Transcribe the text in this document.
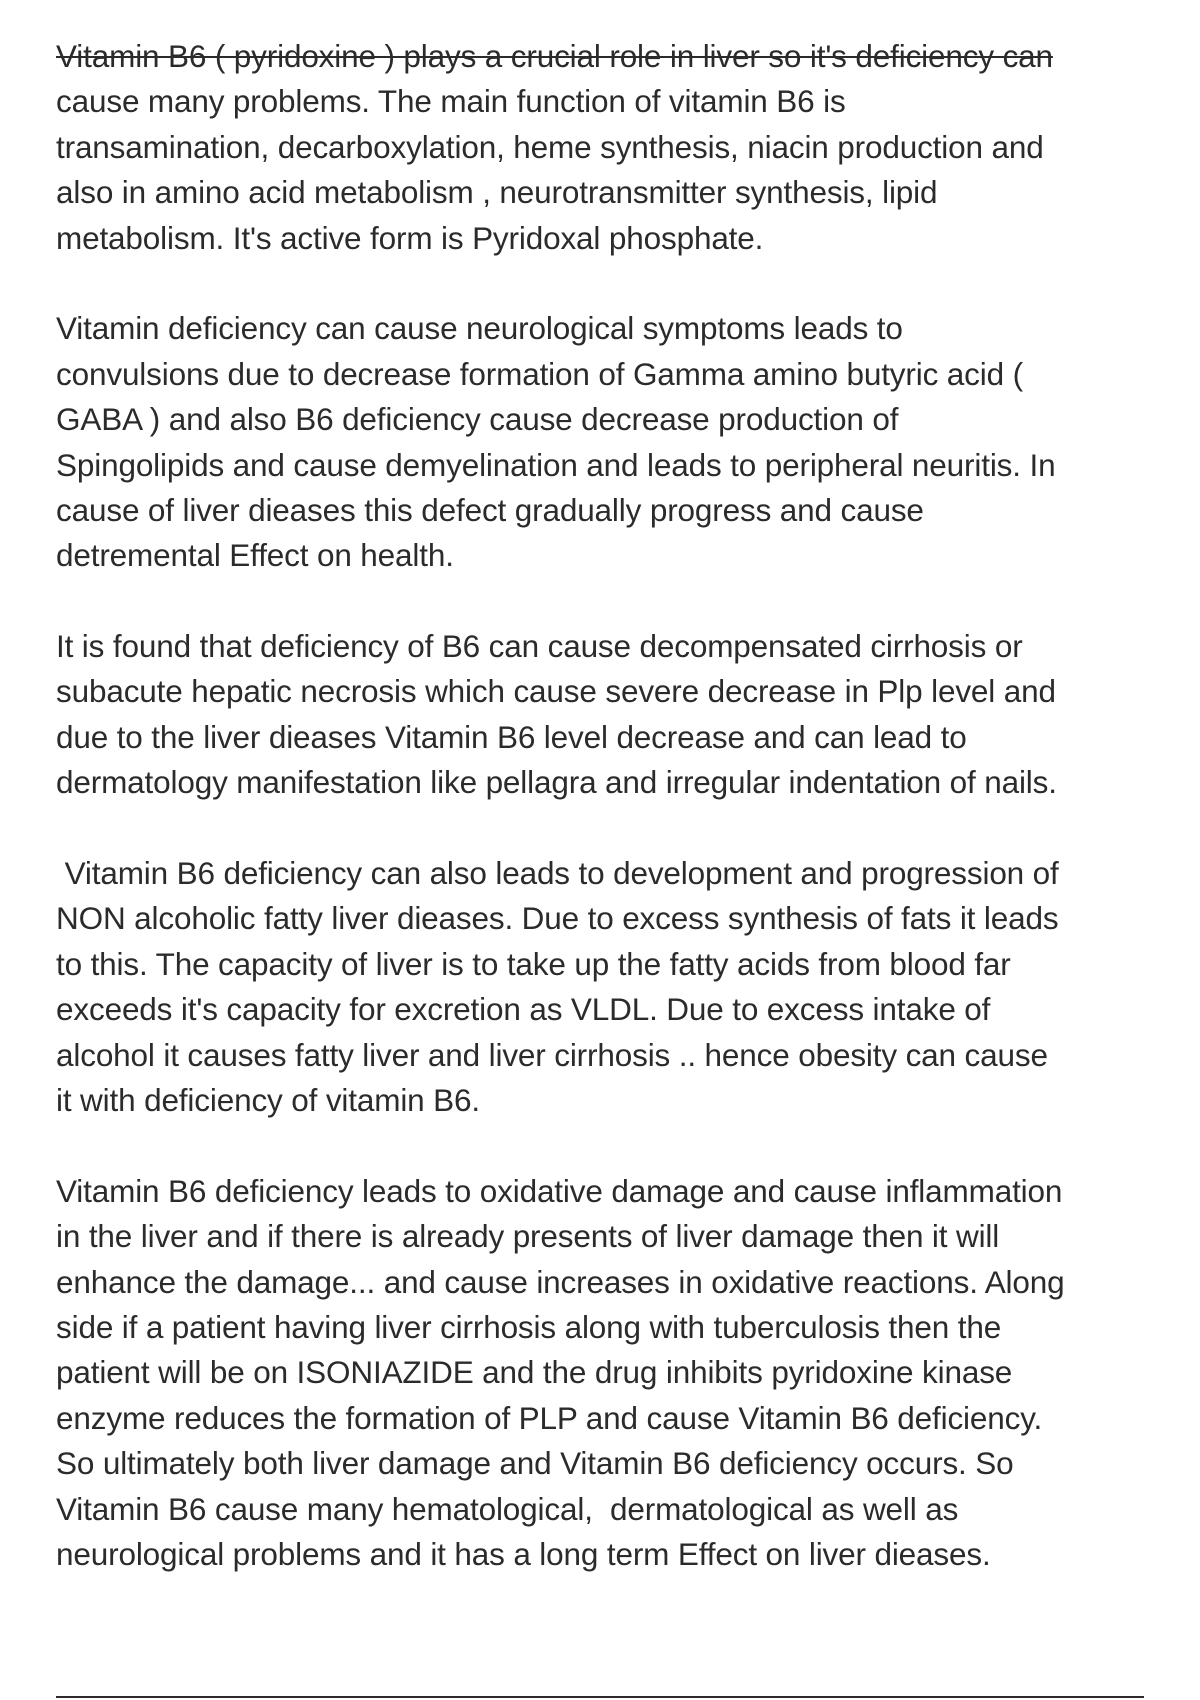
Vitamin B6 ( pyridoxine ) plays a crucial role in liver so it's deficiency can
cause many problems. The main function of vitamin B6 is
transamination, decarboxylation, heme synthesis, niacin production and
also in amino acid metabolism , neurotransmitter synthesis, lipid
metabolism. It's active form is Pyridoxal phosphate.
Vitamin deficiency can cause neurological symptoms leads to
convulsions due to decrease formation of Gamma amino butyric acid (
GABA ) and also B6 deficiency cause decrease production of
Spingolipids and cause demyelination and leads to peripheral neuritis. In
cause of liver dieases this defect gradually progress and cause
detremental Effect on health.
It is found that deficiency of B6 can cause decompensated cirrhosis or
subacute hepatic necrosis which cause severe decrease in Plp level and
due to the liver dieases Vitamin B6 level decrease and can lead to
dermatology manifestation like pellagra and irregular indentation of nails.
Vitamin B6 deficiency can also leads to development and progression of
NON alcoholic fatty liver dieases. Due to excess synthesis of fats it leads
to this. The capacity of liver is to take up the fatty acids from blood far
exceeds it's capacity for excretion as VLDL. Due to excess intake of
alcohol it causes fatty liver and liver cirrhosis .. hence obesity can cause
it with deficiency of vitamin B6.
Vitamin B6 deficiency leads to oxidative damage and cause inflammation
in the liver and if there is already presents of liver damage then it will
enhance the damage... and cause increases in oxidative reactions. Along
side if a patient having liver cirrhosis along with tuberculosis then the
patient will be on ISONIAZIDE and the drug inhibits pyridoxine kinase
enzyme reduces the formation of PLP and cause Vitamin B6 deficiency.
So ultimately both liver damage and Vitamin B6 deficiency occurs. So
Vitamin B6 cause many hematological,  dermatological as well as
neurological problems and it has a long term Effect on liver dieases.
